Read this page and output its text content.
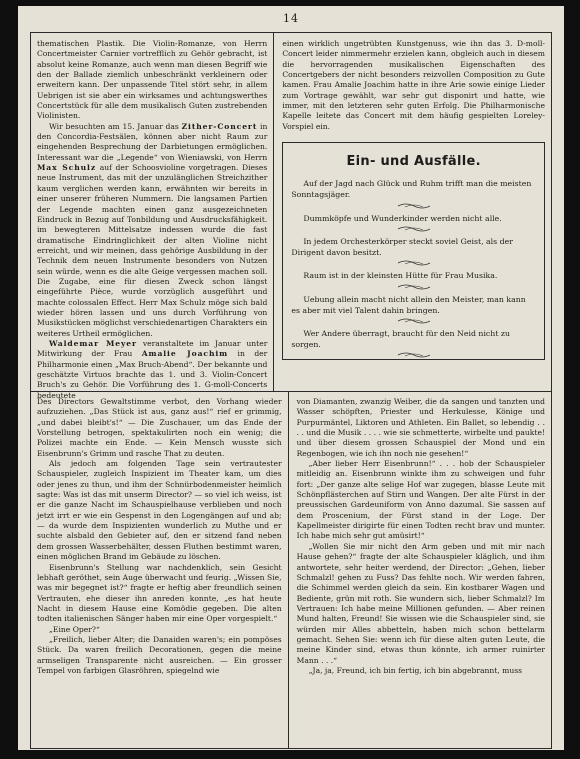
14

thematischen Plastik. Die Violin-Romanze, von Herrn Concertmeister Carnier vortrefflich zu Gehör gebracht, ist absolut keine Romanze, auch wenn man diesen Begriff wie den der Ballade ziemlich unbeschränkt verkleinern oder erweitern kann. Der unpassende Titel stört sehr, in allem Uebrigen ist sie aber ein wirksames und achtungswerthes Concertstück für alle dem musikalisch Guten zustrebenden Violinisten.

Wir besuchten am 15. Januar das Zither-Concert in den Concordia-Festsälen, können aber nicht Raum zur eingehenden Besprechung der Darbietungen ermöglichen. Interessant war die „Legende“ von Wieniawski, von Herrn Max Schulz auf der Schoosvioline vorgetragen. Dieses neue Instrument, das mit der unzulänglichen Streichzither kaum verglichen werden kann, erwähnten wir bereits in einer unserer früheren Nummern. Die langsamen Partien der Legende machten einen ganz ausgezeichneten Eindruck in Bezug auf Tonbildung und Ausdrucksfähigkeit. im bewegteren Mittelsatze indessen wurde die fast dramatische Eindringlichkeit der alten Violine nicht erreicht, und wir meinen, dass gehörige Ausbildung in der Technik dem neuen Instrumente besonders von Nutzen sein würde, wenn es die alte Geige vergessen machen soll. Die Zugabe, eine für diesen Zweck schon längst eingeführte Pièce, wurde vorzüglich ausgeführt und machte colossalen Effect. Herr Max Schulz möge sich bald wieder hören lassen und uns durch Vorführung von Musikstücken möglichst verschiedenartigen Charakters ein weiteres Urtheil ermöglichen.

Waldemar Meyer veranstaltete im Januar unter Mitwirkung der Frau Amalie Joachim in der Philharmonie einen „Max Bruch-Abend“. Der bekannte und geschätzte Virtuos brachte das 1. und 3. Violin-Concert Bruch's zu Gehör. Die Vorführung des 1. G-moll-Concerts bedeutete

einen wirklich ungetrübten Kunstgenuss, wie ihn das 3. D-moll-Concert leider nimmermehr erzielen kann, obgleich auch in diesem die hervorragenden musikalischen Eigenschaften des Concertgebers der nicht besonders reizvollen Composition zu Gute kamen. Frau Amalie Joachim hatte in ihre Arie sowie einige Lieder zum Vortrage gewählt, war sehr gut disponirt und hatte, wie immer, mit den letzteren sehr guten Erfolg. Die Philharmonische Kapelle leitete das Concert mit dem häufig gespielten Loreley-Vorspiel ein.

Ein- und Ausfälle.

Auf der Jagd nach Glück und Ruhm trifft man die meisten Sonntagsjäger.

Dummköpfe und Wunderkinder werden nicht alle.

In jedem Orchesterkörper steckt soviel Geist, als der Dirigent davon besitzt.

Raum ist in der kleinsten Hütte für Frau Musika.

Uebung allein macht nicht allein den Meister, man kann es aber mit viel Talent dahin bringen.

Wer Andere überragt, braucht für den Neid nicht zu sorgen.

Des Directors Gewaltstimme verbot, den Vorhang wieder aufzuziehen. „Das Stück ist aus, ganz aus!“ rief er grimmig, „und dabei bleibt's!“ — Die Zuschauer, um das Ende der Vorstellung betrogen, spektakulirten noch ein wenig; die Polizei machte ein Ende. — Kein Mensch wusste sich Eisenbrunn's Grimm und rasche That zu deuten.

Als jedoch am folgenden Tage sein vertrautester Schauspieler, zugleich Inspizient im Theater kam, um dies oder jenes zu thun, und ihm der Schnürbodenmeister heimlich sagte: Was ist das mit unserm Director? — so viel ich weiss, ist er die ganze Nacht im Schauspielhause verblieben und noch jetzt irrt er wie ein Gespenst in den Logengängen auf und ab; — da wurde dem Inspizienten wunderlich zu Muthe und er suchte alsbald den Gebieter auf, den er sitzend fand neben dem grossen Wasserbehälter, dessen Fluthen bestimmt waren, einen möglichen Brand im Gebäude zu löschen.

Eisenbrunn's Stellung war nachdenklich, sein Gesicht lebhaft geröthet, sein Auge überwacht und feurig. „Wissen Sie, was mir begegnet ist?“ fragte er heftig aber freundlich seinen Vertrauten, ehe dieser ihn anreden konnte, „es hat heute Nacht in diesem Hause eine Komödie gegeben. Die alten todten italienischen Sänger haben mir eine Oper vorgespielt.“

„Eine Oper?“

„Freilich, lieber Alter; die Danaiden waren's; ein pompöses Stück. Da waren freilich Decorationen, gegen die meine armseligen Transparente nicht ausreichen. — Ein grosser Tempel von farbigen Glasröhren, spiegelnd wie

von Diamanten, zwanzig Weiber, die da sangen und tanzten und Wasser schöpften, Priester und Herkulesse, Könige und Purpurmäntel, Liktoren und Athleten. Ein Ballet, so lebendig . . . . und die Musik . . . . wie sie schmetterte, wirbelte und paukte! und über diesem grossen Schauspiel der Mond und ein Regenbogen, wie ich ihn noch nie gesehen!“

„Aber lieber Herr Eisenbrunn!“ . . . hob der Schauspieler mitleidig an. Eisenbrunn winkte ihm zu schweigen und fuhr fort: „Der ganze alte selige Hof war zugegen, blasse Leute mit Schönpflästerchen auf Stirn und Wangen. Der alte Fürst in der preussischen Gardeuniform von Anno dazumal. Sie sassen auf dem Proscenium, der Fürst stand in der Loge. Der Kapellmeister dirigirte für einen Todten recht brav und munter. Ich habe mich sehr gut amüsirt!“

„Wollen Sie mir nicht den Arm geben und mit mir nach Hause gehen?“ fragte der alte Schauspieler kläglich, und ihm antwortete, sehr heiter werdend, der Director: „Gehen, lieber Schmalzl! gehen zu Fuss? Das fehlte noch. Wir werden fahren, die Schimmel werden gleich da sein. Ein kostbarer Wagen und Bediente, grün mit roth. Sie wundern sich, lieber Schmalzl? Im Vertrauen: Ich habe meine Millionen gefunden. — Aber reinen Mund halten, Freund! Sie wissen wie die Schauspieler sind, sie würden mir Alles abbetteln, haben mich schon bettelarm gemacht. Sehen Sie: wenn ich für diese alten guten Leute, die meine Kinder sind, etwas thun könnte, ich armer ruinirter Mann . . .“

„Ja, ja, Freund, ich bin fertig, ich bin abgebrannt, muss
